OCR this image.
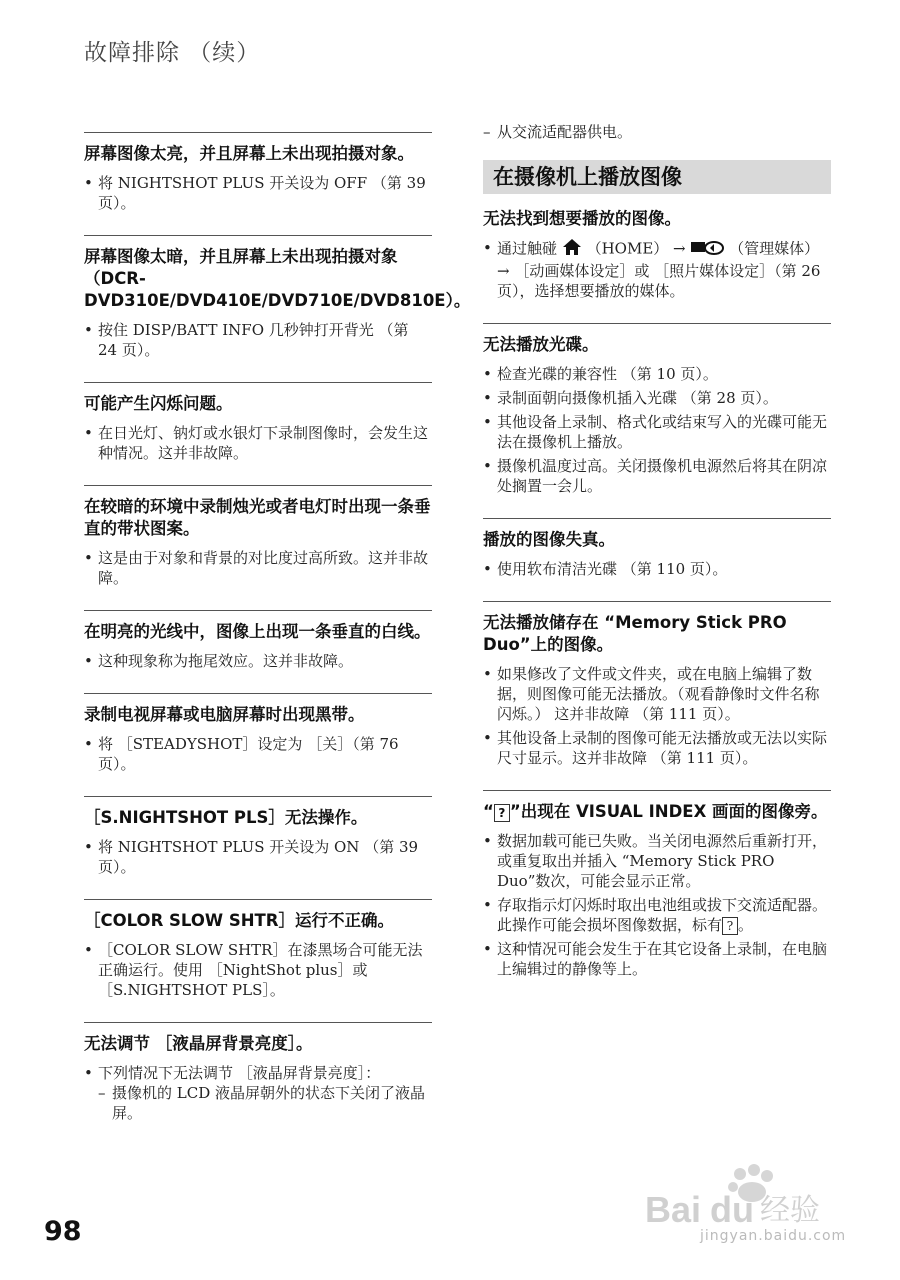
故障排除 （续）
屏幕图像太亮，并且屏幕上未出现拍摄对象。
• 将 NIGHTSHOT PLUS 开关设为 OFF （第 39 页）。
屏幕图像太暗，并且屏幕上未出现拍摄对象 （DCR-DVD310E/DVD410E/DVD710E/DVD810E）。
• 按住 DISP/BATT INFO 几秒钟打开背光 （第 24 页）。
可能产生闪烁问题。
• 在日光灯、钠灯或水银灯下录制图像时，会发生这种情况。这并非故障。
在较暗的环境中录制烛光或者电灯时出现一条垂直的带状图案。
• 这是由于对象和背景的对比度过高所致。这并非故障。
在明亮的光线中，图像上出现一条垂直的白线。
• 这种现象称为拖尾效应。这并非故障。
录制电视屏幕或电脑屏幕时出现黑带。
• 将 ［STEADYSHOT］设定为 ［关］（第 76 页）。
［S.NIGHTSHOT PLS］无法操作。
• 将 NIGHTSHOT PLUS 开关设为 ON （第 39 页）。
［COLOR SLOW SHTR］运行不正确。
• ［COLOR SLOW SHTR］在漆黑场合可能无法正确运行。使用 ［NightShot plus］或 ［S.NIGHTSHOT PLS］。
无法调节 ［液晶屏背景亮度］。
• 下列情况下无法调节 ［液晶屏背景亮度］：
– 摄像机的 LCD 液晶屏朝外的状态下关闭了液晶屏。

– 从交流适配器供电。

在摄像机上播放图像
无法找到想要播放的图像。
• 通过触碰 （HOME） →	（管理媒体） → ［动画媒体设定］或 ［照片媒体设定］（第 26 页），选择想要播放的媒体。
无法播放光碟。
• 检查光碟的兼容性 （第 10 页）。
• 录制面朝向摄像机插入光碟 （第 28 页）。
• 其他设备上录制、格式化或结束写入的光碟可能无法在摄像机上播放。
• 摄像机温度过高。关闭摄像机电源然后将其在阴凉处搁置一会儿。
播放的图像失真。
• 使用软布清洁光碟 （第 110 页）。
无法播放储存在 “Memory Stick PRO Duo”上的图像。
• 如果修改了文件或文件夹，或在电脑上编辑了数据，则图像可能无法播放。（观看静像时文件名称闪烁。） 这并非故障 （第 111 页）。
• 其他设备上录制的图像可能无法播放或无法以实际尺寸显示。这并非故障 （第 111 页）。
“ ? ”出现在 VISUAL INDEX 画面的图像旁。
• 数据加载可能已失败。当关闭电源然后重新打开，或重复取出并插入 “Memory Stick PRO Duo”数次，可能会显示正常。
• 存取指示灯闪烁时取出电池组或拔下交流适配器。此操作可能会损坏图像数据，标有 ? 。
• 这种情况可能会发生于在其它设备上录制，在电脑上编辑过的静像等上。
98
Bai du 经验
jingyan.baidu.com
